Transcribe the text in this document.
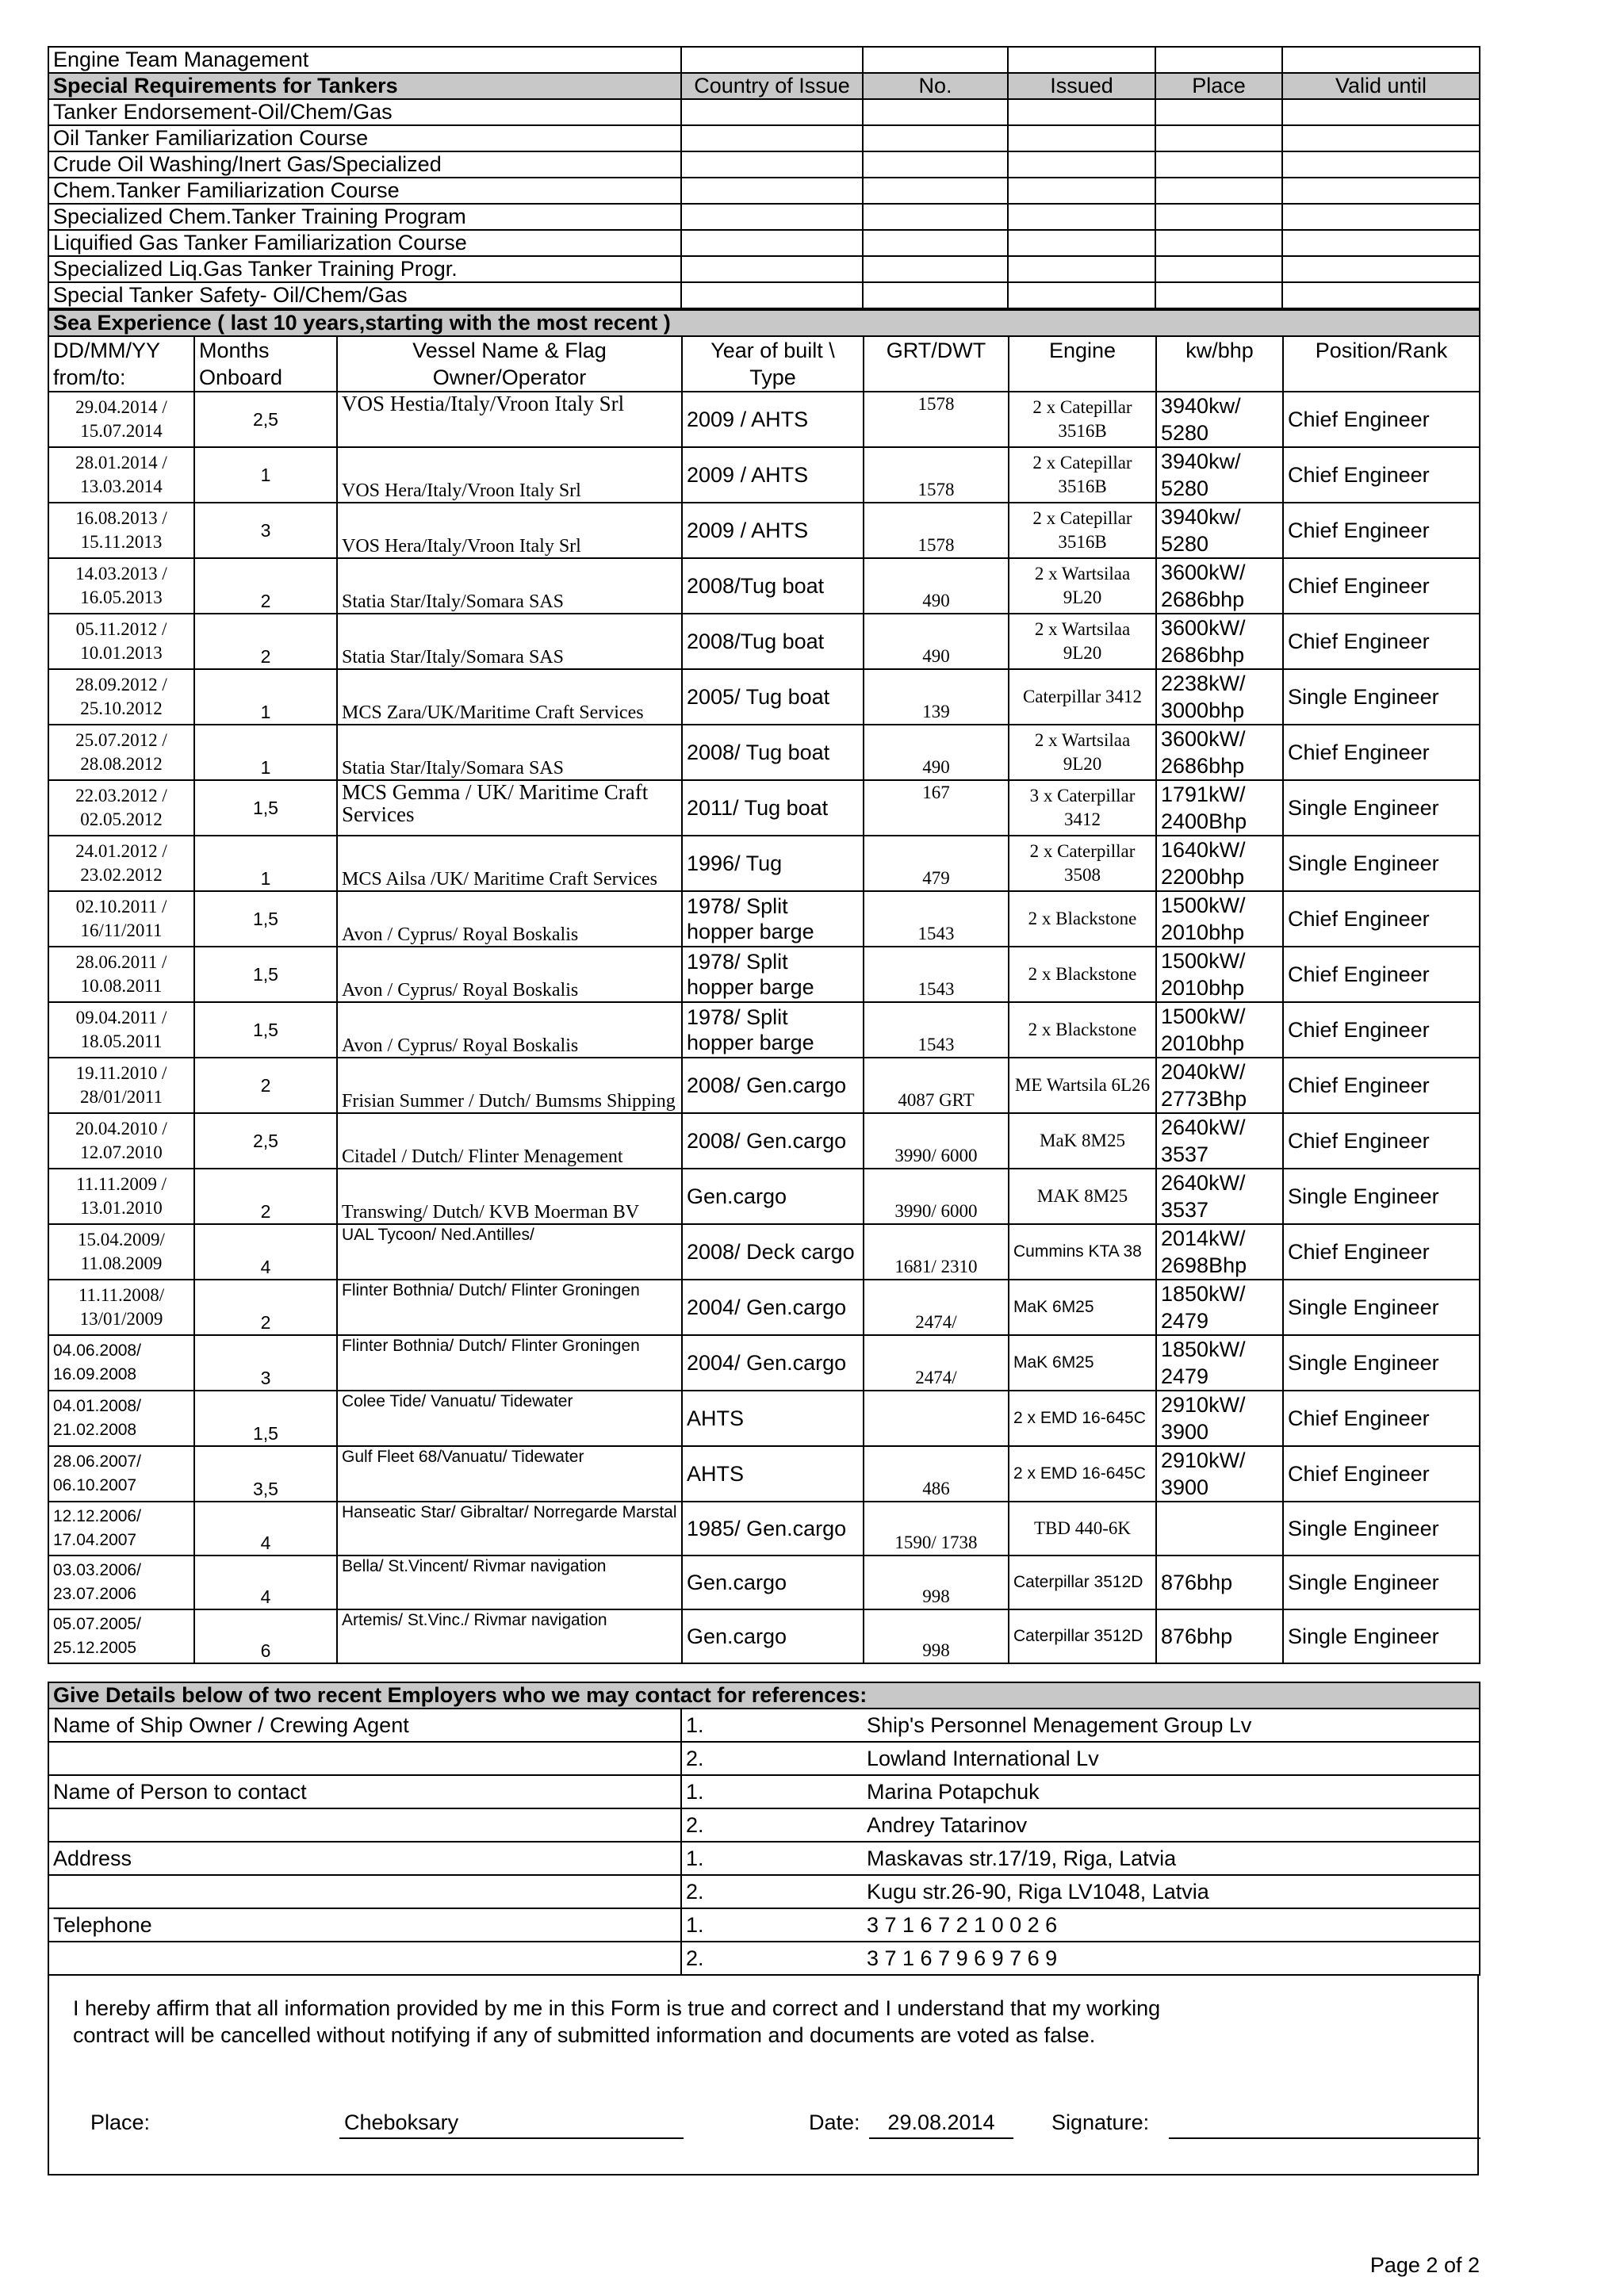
Engine Team Management					
Special Requirements for Tankers	Country of Issue	No.	Issued	Place	Valid until
Tanker Endorsement-Oil/Chem/Gas					
Oil Tanker Familiarization Course					
Crude Oil Washing/Inert Gas/Specialized					
Chem.Tanker Familiarization Course					
Specialized Chem.Tanker Training Program					
Liquified Gas Tanker Familiarization Course					
Specialized Liq.Gas Tanker Training Progr.					
Special Tanker Safety- Oil/Chem/Gas					
Sea Experience ( last 10 years,starting with the most recent )							
DD/MM/YY from/to:	Months Onboard	Vessel Name & Flag Owner/Operator	Year of built \ Type	GRT/DWT	Engine	kw/bhp	Position/Rank
29.04.2014 / 15.07.2014	2,5	VOS Hestia/Italy/Vroon Italy Srl	2009 / AHTS	1578	2 x Catepillar 3516B	3940kw/ 5280	Chief Engineer
28.01.2014 / 13.03.2014	1	VOS Hera/Italy/Vroon Italy Srl	2009 / AHTS	1578	2 x Catepillar 3516B	3940kw/ 5280	Chief Engineer
16.08.2013 / 15.11.2013	3	VOS Hera/Italy/Vroon Italy Srl	2009 / AHTS	1578	2 x Catepillar 3516B	3940kw/ 5280	Chief Engineer
14.03.2013 / 16.05.2013	2	Statia Star/Italy/Somara SAS	2008/Tug boat	490	2 x Wartsilaa 9L20	3600kW/ 2686bhp	Chief Engineer
05.11.2012 / 10.01.2013	2	Statia Star/Italy/Somara SAS	2008/Tug boat	490	2 x Wartsilaa 9L20	3600kW/ 2686bhp	Chief Engineer
28.09.2012 / 25.10.2012	1	MCS Zara/UK/Maritime Craft Services	2005/ Tug boat	139	Caterpillar 3412	2238kW/ 3000bhp	Single Engineer
25.07.2012 / 28.08.2012	1	Statia Star/Italy/Somara SAS	2008/ Tug boat	490	2 x Wartsilaa 9L20	3600kW/ 2686bhp	Chief Engineer
22.03.2012 / 02.05.2012	1,5	MCS Gemma / UK/ Maritime Craft Services	2011/ Tug boat	167	3 x Caterpillar 3412	1791kW/ 2400Bhp	Single Engineer
24.01.2012 / 23.02.2012	1	MCS Ailsa /UK/ Maritime Craft Services	1996/ Tug	479	2 x Caterpillar 3508	1640kW/ 2200bhp	Single Engineer
02.10.2011 / 16/11/2011	1,5	Avon / Cyprus/ Royal Boskalis	1978/ Split hopper barge	1543	2 x Blackstone	1500kW/ 2010bhp	Chief Engineer
28.06.2011 / 10.08.2011	1,5	Avon / Cyprus/ Royal Boskalis	1978/ Split hopper barge	1543	2 x Blackstone	1500kW/ 2010bhp	Chief Engineer
09.04.2011 / 18.05.2011	1,5	Avon / Cyprus/ Royal Boskalis	1978/ Split hopper barge	1543	2 x Blackstone	1500kW/ 2010bhp	Chief Engineer
19.11.2010 / 28/01/2011	2	Frisian Summer / Dutch/ Bumsms Shipping	2008/ Gen.cargo	4087 GRT	ME Wartsila 6L26	2040kW/ 2773Bhp	Chief Engineer
20.04.2010 / 12.07.2010	2,5	Citadel / Dutch/ Flinter Menagement	2008/ Gen.cargo	3990/ 6000	MaK 8M25	2640kW/ 3537	Chief Engineer
11.11.2009 / 13.01.2010	2	Transwing/ Dutch/ KVB Moerman BV	Gen.cargo	3990/ 6000	MAK 8M25	2640kW/ 3537	Single Engineer
15.04.2009/ 11.08.2009	4	UAL Tycoon/ Ned.Antilles/	2008/ Deck cargo	1681/ 2310	Cummins KTA 38	2014kW/ 2698Bhp	Chief Engineer
11.11.2008/ 13/01/2009	2	Flinter Bothnia/ Dutch/ Flinter Groningen	2004/ Gen.cargo	2474/	MaK 6M25	1850kW/ 2479	Single Engineer
04.06.2008/ 16.09.2008	3	Flinter Bothnia/ Dutch/ Flinter Groningen	2004/ Gen.cargo	2474/	MaK 6M25	1850kW/ 2479	Single Engineer
04.01.2008/ 21.02.2008	1,5	Colee Tide/ Vanuatu/ Tidewater	AHTS		2 x EMD 16-645C	2910kW/ 3900	Chief Engineer
28.06.2007/ 06.10.2007	3,5	Gulf Fleet 68/Vanuatu/ Tidewater	AHTS	486	2 x EMD 16-645C	2910kW/ 3900	Chief Engineer
12.12.2006/ 17.04.2007	4	Hanseatic Star/ Gibraltar/ Norregarde Marstal	1985/ Gen.cargo	1590/ 1738	TBD 440-6K		Single Engineer
03.03.2006/ 23.07.2006	4	Bella/ St.Vincent/ Rivmar navigation	Gen.cargo	998	Caterpillar 3512D	876bhp	Single Engineer
05.07.2005/ 25.12.2005	6	Artemis/ St.Vinc./ Rivmar navigation	Gen.cargo	998	Caterpillar 3512D	876bhp	Single Engineer
Give Details below of two recent Employers who we may contact for references:		
Name of Ship Owner / Crewing Agent	1.	Ship's Personnel Menagement Group Lv
	2.	Lowland International Lv
Name of Person to contact	1.	Marina Potapchuk
	2.	Andrey Tatarinov
Address	1.	Maskavas str.17/19, Riga, Latvia
	2.	Kugu str.26-90, Riga LV1048, Latvia
Telephone	1.	3 7 1 6 7 2 1 0 0 2 6
	2.	3 7 1 6 7 9 6 9 7 6 9
I hereby affirm that all information provided by me in this Form is true and correct and I understand that my working contract will be cancelled without notifying if any of submitted information and documents are voted as false.
Place:	Cheboksary	Date:	29.08.2014	Signature:
Page 2 of 2
